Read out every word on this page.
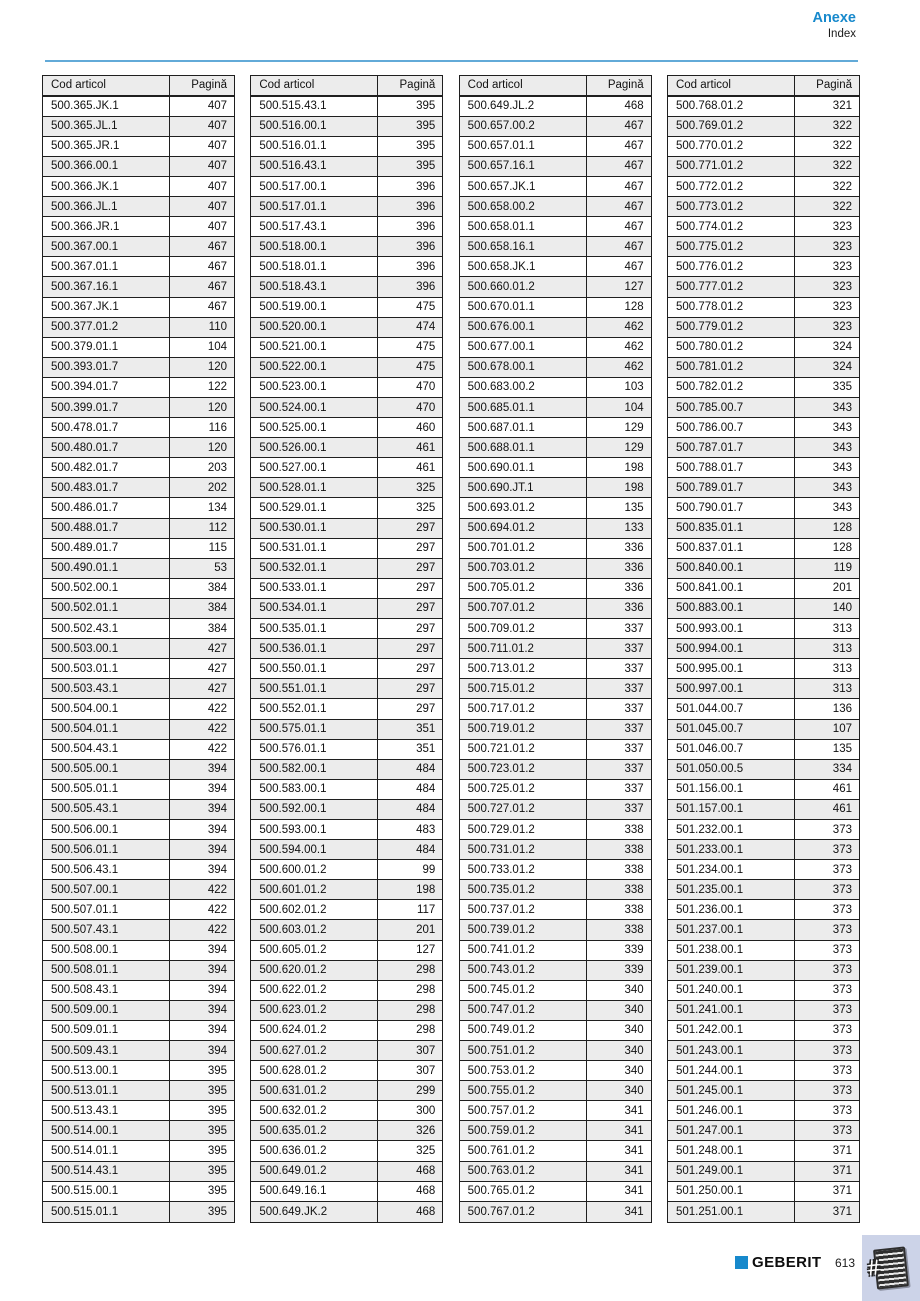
Anexe
Index
Cod articol	Pagină
500.365.JK.1	407
500.365.JL.1	407
500.365.JR.1	407
500.366.00.1	407
500.366.JK.1	407
500.366.JL.1	407
500.366.JR.1	407
500.367.00.1	467
500.367.01.1	467
500.367.16.1	467
500.367.JK.1	467
500.377.01.2	110
500.379.01.1	104
500.393.01.7	120
500.394.01.7	122
500.399.01.7	120
500.478.01.7	116
500.480.01.7	120
500.482.01.7	203
500.483.01.7	202
500.486.01.7	134
500.488.01.7	112
500.489.01.7	115
500.490.01.1	53
500.502.00.1	384
500.502.01.1	384
500.502.43.1	384
500.503.00.1	427
500.503.01.1	427
500.503.43.1	427
500.504.00.1	422
500.504.01.1	422
500.504.43.1	422
500.505.00.1	394
500.505.01.1	394
500.505.43.1	394
500.506.00.1	394
500.506.01.1	394
500.506.43.1	394
500.507.00.1	422
500.507.01.1	422
500.507.43.1	422
500.508.00.1	394
500.508.01.1	394
500.508.43.1	394
500.509.00.1	394
500.509.01.1	394
500.509.43.1	394
500.513.00.1	395
500.513.01.1	395
500.513.43.1	395
500.514.00.1	395
500.514.01.1	395
500.514.43.1	395
500.515.00.1	395
500.515.01.1	395
Cod articol	Pagină
500.515.43.1	395
500.516.00.1	395
500.516.01.1	395
500.516.43.1	395
500.517.00.1	396
500.517.01.1	396
500.517.43.1	396
500.518.00.1	396
500.518.01.1	396
500.518.43.1	396
500.519.00.1	475
500.520.00.1	474
500.521.00.1	475
500.522.00.1	475
500.523.00.1	470
500.524.00.1	470
500.525.00.1	460
500.526.00.1	461
500.527.00.1	461
500.528.01.1	325
500.529.01.1	325
500.530.01.1	297
500.531.01.1	297
500.532.01.1	297
500.533.01.1	297
500.534.01.1	297
500.535.01.1	297
500.536.01.1	297
500.550.01.1	297
500.551.01.1	297
500.552.01.1	297
500.575.01.1	351
500.576.01.1	351
500.582.00.1	484
500.583.00.1	484
500.592.00.1	484
500.593.00.1	483
500.594.00.1	484
500.600.01.2	99
500.601.01.2	198
500.602.01.2	117
500.603.01.2	201
500.605.01.2	127
500.620.01.2	298
500.622.01.2	298
500.623.01.2	298
500.624.01.2	298
500.627.01.2	307
500.628.01.2	307
500.631.01.2	299
500.632.01.2	300
500.635.01.2	326
500.636.01.2	325
500.649.01.2	468
500.649.16.1	468
500.649.JK.2	468
Cod articol	Pagină
500.649.JL.2	468
500.657.00.2	467
500.657.01.1	467
500.657.16.1	467
500.657.JK.1	467
500.658.00.2	467
500.658.01.1	467
500.658.16.1	467
500.658.JK.1	467
500.660.01.2	127
500.670.01.1	128
500.676.00.1	462
500.677.00.1	462
500.678.00.1	462
500.683.00.2	103
500.685.01.1	104
500.687.01.1	129
500.688.01.1	129
500.690.01.1	198
500.690.JT.1	198
500.693.01.2	135
500.694.01.2	133
500.701.01.2	336
500.703.01.2	336
500.705.01.2	336
500.707.01.2	336
500.709.01.2	337
500.711.01.2	337
500.713.01.2	337
500.715.01.2	337
500.717.01.2	337
500.719.01.2	337
500.721.01.2	337
500.723.01.2	337
500.725.01.2	337
500.727.01.2	337
500.729.01.2	338
500.731.01.2	338
500.733.01.2	338
500.735.01.2	338
500.737.01.2	338
500.739.01.2	338
500.741.01.2	339
500.743.01.2	339
500.745.01.2	340
500.747.01.2	340
500.749.01.2	340
500.751.01.2	340
500.753.01.2	340
500.755.01.2	340
500.757.01.2	341
500.759.01.2	341
500.761.01.2	341
500.763.01.2	341
500.765.01.2	341
500.767.01.2	341
Cod articol	Pagină
500.768.01.2	321
500.769.01.2	322
500.770.01.2	322
500.771.01.2	322
500.772.01.2	322
500.773.01.2	322
500.774.01.2	323
500.775.01.2	323
500.776.01.2	323
500.777.01.2	323
500.778.01.2	323
500.779.01.2	323
500.780.01.2	324
500.781.01.2	324
500.782.01.2	335
500.785.00.7	343
500.786.00.7	343
500.787.01.7	343
500.788.01.7	343
500.789.01.7	343
500.790.01.7	343
500.835.01.1	128
500.837.01.1	128
500.840.00.1	119
500.841.00.1	201
500.883.00.1	140
500.993.00.1	313
500.994.00.1	313
500.995.00.1	313
500.997.00.1	313
501.044.00.7	136
501.045.00.7	107
501.046.00.7	135
501.050.00.5	334
501.156.00.1	461
501.157.00.1	461
501.232.00.1	373
501.233.00.1	373
501.234.00.1	373
501.235.00.1	373
501.236.00.1	373
501.237.00.1	373
501.238.00.1	373
501.239.00.1	373
501.240.00.1	373
501.241.00.1	373
501.242.00.1	373
501.243.00.1	373
501.244.00.1	373
501.245.00.1	373
501.246.00.1	373
501.247.00.1	373
501.248.00.1	371
501.249.00.1	371
501.250.00.1	371
501.251.00.1	371
GEBERIT 613 #
